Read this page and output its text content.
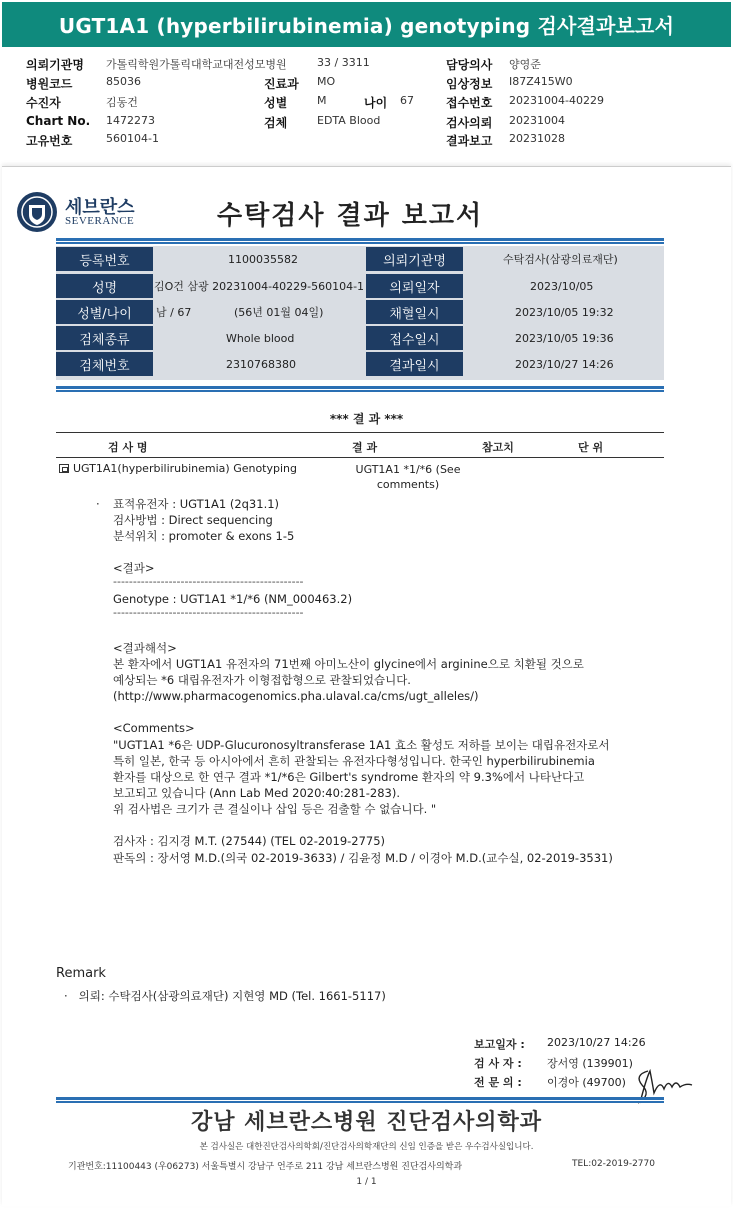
UGT1A1 (hyperbilirubinemia) genotyping 검사결과보고서
의뢰기관명 가톨릭학원가톨릭대학교대전성모병원	33 / 3311	담당의사 양영준
병원코드	85036	진료과 MO	임상정보 I87Z415W0
수진자	김동건	성별	M	나이 67	접수번호 20231004-40229
Chart No. 1472273	검체	EDTA Blood	검사의뢰 20231004
고유번호	560104-1	결과보고 20231028
세브란스
SEVERANCE	수탁검사 결과 보고서
등록번호	1100035582	의뢰기관명	수탁검사(삼광의료재단)
성명	김O건 삼광 20231004-40229-560104-1	의뢰일자	2023/10/05
성별/나이	남 / 67	(56년 01월 04일)	채혈일시	2023/10/05 19:32
검체종류	Whole blood	접수일시	2023/10/05 19:36
검체번호	2310768380	결과일시	2023/10/27 14:26
*** 결 과 ***
검 사 명	결 과	참고치	단 위
UGT1A1(hyperbilirubinemia) Genotyping	UGT1A1 *1/*6 (See
comments)
· 표적유전자 : UGT1A1 (2q31.1)
검사방법 : Direct sequencing
분석위치 : promoter & exons 1-5
<결과>
------------------------------------------------
Genotype : UGT1A1 *1/*6 (NM_000463.2)
------------------------------------------------
<결과해석>
본 환자에서 UGT1A1 유전자의 71번째 아미노산이 glycine에서 arginine으로 치환될 것으로
예상되는 *6 대립유전자가 이형접합형으로 관찰되었습니다.
(http://www.pharmacogenomics.pha.ulaval.ca/cms/ugt_alleles/)
<Comments>
"UGT1A1 *6은 UDP-Glucuronosyltransferase 1A1 효소 활성도 저하를 보이는 대립유전자로서
특히 일본, 한국 등 아시아에서 흔히 관찰되는 유전자다형성입니다. 한국인 hyperbilirubinemia
환자를 대상으로 한 연구 결과 *1/*6은 Gilbert's syndrome 환자의 약 9.3%에서 나타난다고
보고되고 있습니다 (Ann Lab Med 2020:40:281-283).
위 검사법은 크기가 큰 결실이나 삽입 등은 검출할 수 없습니다. "
검사자 : 김지경 M.T. (27544) (TEL 02-2019-2775)
판독의 : 장서영 M.D.(의국 02-2019-3633) / 김윤정 M.D / 이경아 M.D.(교수실, 02-2019-3531)
Remark
·   의뢰: 수탁검사(삼광의료재단) 지현영 MD (Tel. 1661-5117)
보고일자 : 2023/10/27 14:26
검 사 자 : 장서영 (139901)
전 문 의 : 이경아 (49700)
강남 세브란스병원 진단검사의학과
본 검사실은 대한진단검사의학회/진단검사의학재단의 신임 인증을 받은 우수검사실입니다.
기관번호:11100443 (우06273) 서울특별시 강남구 언주로 211 강남 세브란스병원 진단검사의학과	TEL:02-2019-2770
1 / 1
